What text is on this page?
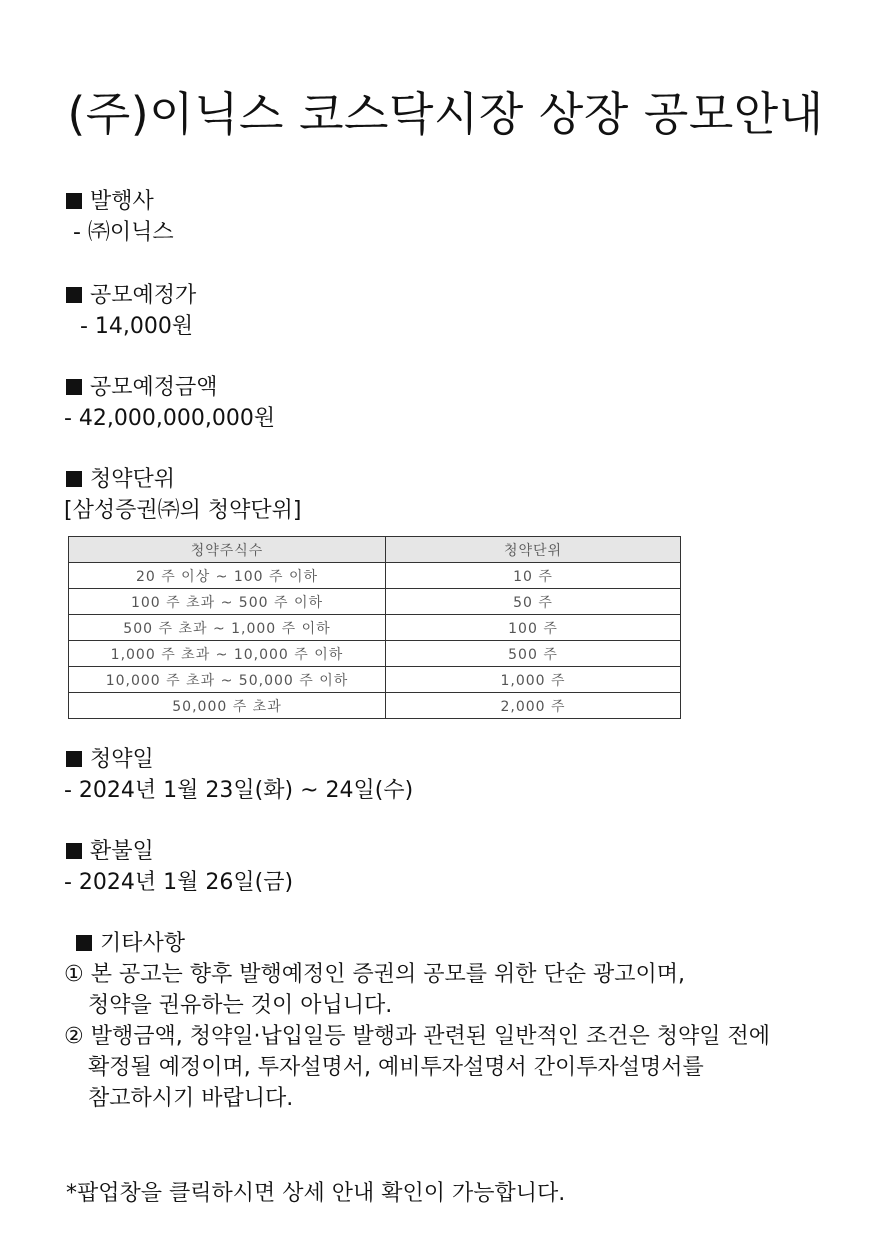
(주)이닉스 코스닥시장 상장 공모안내
발행사
- ㈜이닉스
공모예정가
- 14,000원
공모예정금액
- 42,000,000,000원
청약단위
[삼성증권㈜의 청약단위]
청약주식수	청약단위
20 주 이상 ~ 100 주 이하	10 주
100 주 초과 ~ 500 주 이하	50 주
500 주 초과 ~ 1,000 주 이하	100 주
1,000 주 초과 ~ 10,000 주 이하	500 주
10,000 주 초과 ~ 50,000 주 이하	1,000 주
50,000 주 초과	2,000 주
청약일
- 2024년 1월 23일(화) ~ 24일(수)
환불일
- 2024년 1월 26일(금)
기타사항
① 본 공고는 향후 발행예정인 증권의 공모를 위한 단순 광고이며,
청약을 권유하는 것이 아닙니다.
② 발행금액, 청약일·납입일등 발행과 관련된 일반적인 조건은 청약일 전에
확정될 예정이며, 투자설명서, 예비투자설명서 간이투자설명서를
참고하시기 바랍니다.
*팝업창을 클릭하시면 상세 안내 확인이 가능합니다.
